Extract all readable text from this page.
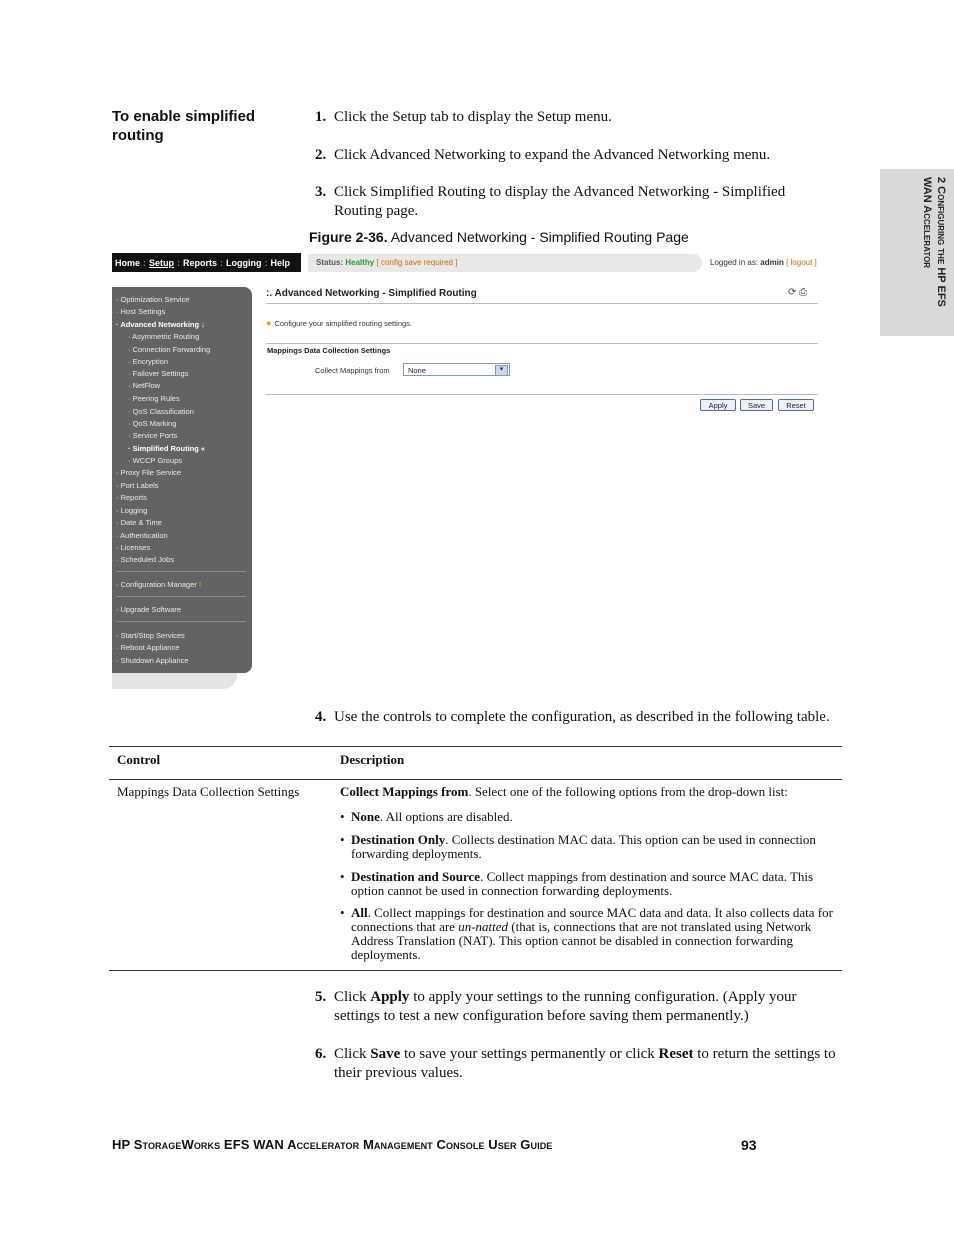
2 Configuring the HP EFS
WAN Accelerator
To enable simplified routing
1. Click the Setup tab to display the Setup menu.
2. Click Advanced Networking to expand the Advanced Networking menu.
3. Click Simplified Routing to display the Advanced Networking - Simplified Routing page.
Figure 2-36. Advanced Networking - Simplified Routing Page
Home : Setup : Reports : Logging : Help	Status: Healthy [ config save required ]	Logged in as: admin [ logout ]
· Optimization Service
· Host Settings
· Advanced Networking ↓
· Asymmetric Routing
· Connection Forwarding
· Encryption
· Failover Settings
· NetFlow
· Peering Rules
· QoS Classification
· QoS Marking
· Service Ports
· Simplified Routing «
· WCCP Groups
· Proxy File Service
· Port Labels
· Reports
· Logging
· Date & Time
· Authentication
· Licenses
· Scheduled Jobs
· Configuration Manager !
· Upgrade Software
· Start/Stop Services
· Reboot Appliance
· Shutdown Appliance
:. Advanced Networking - Simplified Routing	⟳ ⎙
● Configure your simplified routing settings.
Mappings Data Collection Settings
Collect Mappings from	None	▾
Apply	Save	Reset
4. Use the controls to complete the configuration, as described in the following table.
Control	Description
Mappings Data Collection Settings	Collect Mappings from. Select one of the following options from the drop-down list:
• None. All options are disabled.
• Destination Only. Collects destination MAC data. This option can be used in connection forwarding deployments.
• Destination and Source. Collect mappings from destination and source MAC data. This option cannot be used in connection forwarding deployments.
• All. Collect mappings for destination and source MAC data and data. It also collects data for connections that are un-natted (that is, connections that are not translated using Network Address Translation (NAT). This option cannot be disabled in connection forwarding deployments.
5. Click Apply to apply your settings to the running configuration. (Apply your settings to test a new configuration before saving them permanently.)
6. Click Save to save your settings permanently or click Reset to return the settings to their previous values.
HP StorageWorks EFS WAN Accelerator Management Console User Guide	93
